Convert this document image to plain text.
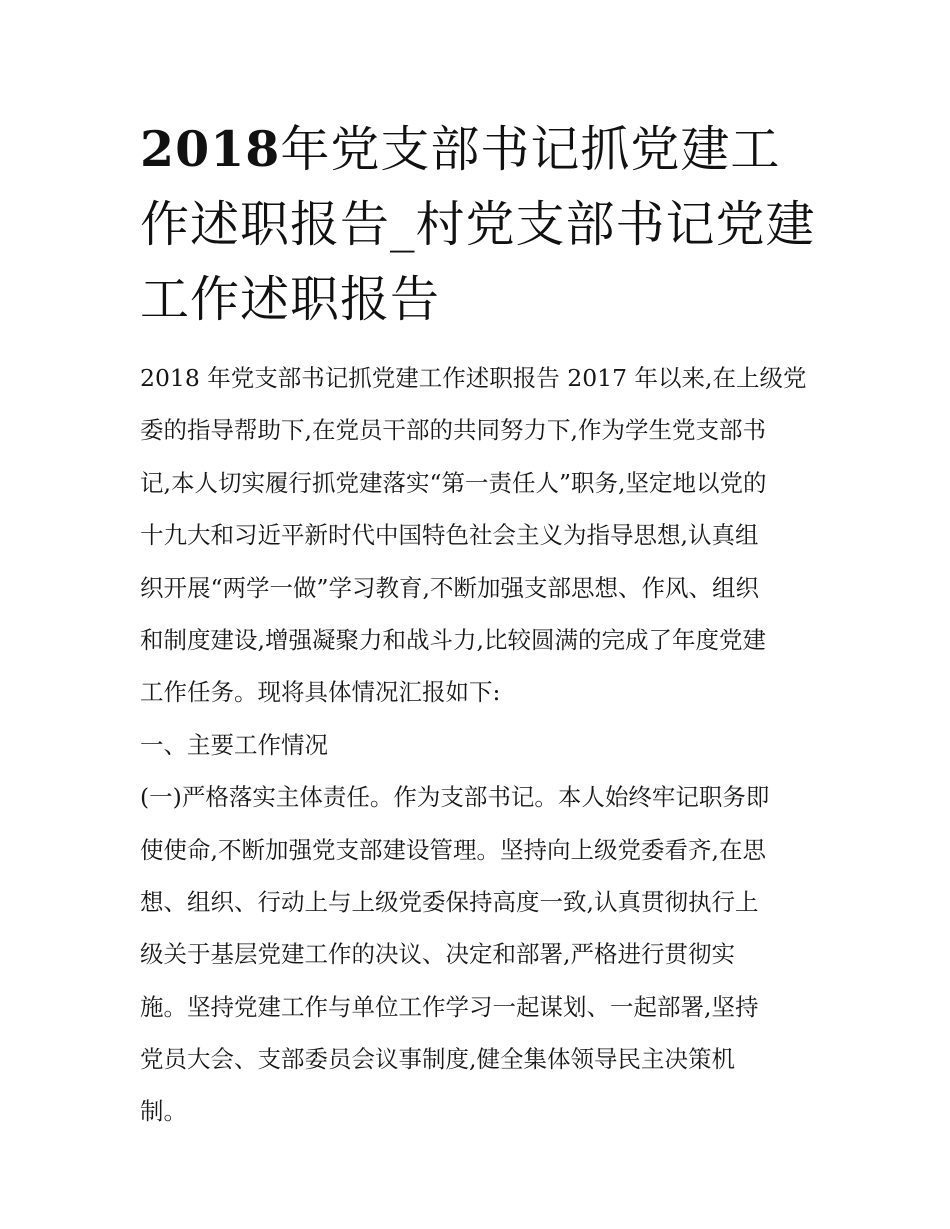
2018年党支部书记抓党建工作述职报告_村党支部书记党建工作述职报告
2018 年党支部书记抓党建工作述职报告 2017 年以来,在上级党
委的指导帮助下,在党员干部的共同努力下,作为学生党支部书
记,本人切实履行抓党建落实“第一责任人”职务,坚定地以党的
十九大和习近平新时代中国特色社会主义为指导思想,认真组
织开展“两学一做”学习教育,不断加强支部思想、作风、组织
和制度建设,增强凝聚力和战斗力,比较圆满的完成了年度党建
工作任务。现将具体情况汇报如下:
一、主要工作情况
(一)严格落实主体责任。作为支部书记。本人始终牢记职务即
使使命,不断加强党支部建设管理。坚持向上级党委看齐,在思
想、组织、行动上与上级党委保持高度一致,认真贯彻执行上
级关于基层党建工作的决议、决定和部署,严格进行贯彻实
施。坚持党建工作与单位工作学习一起谋划、一起部署,坚持
党员大会、支部委员会议事制度,健全集体领导民主决策机
制。
